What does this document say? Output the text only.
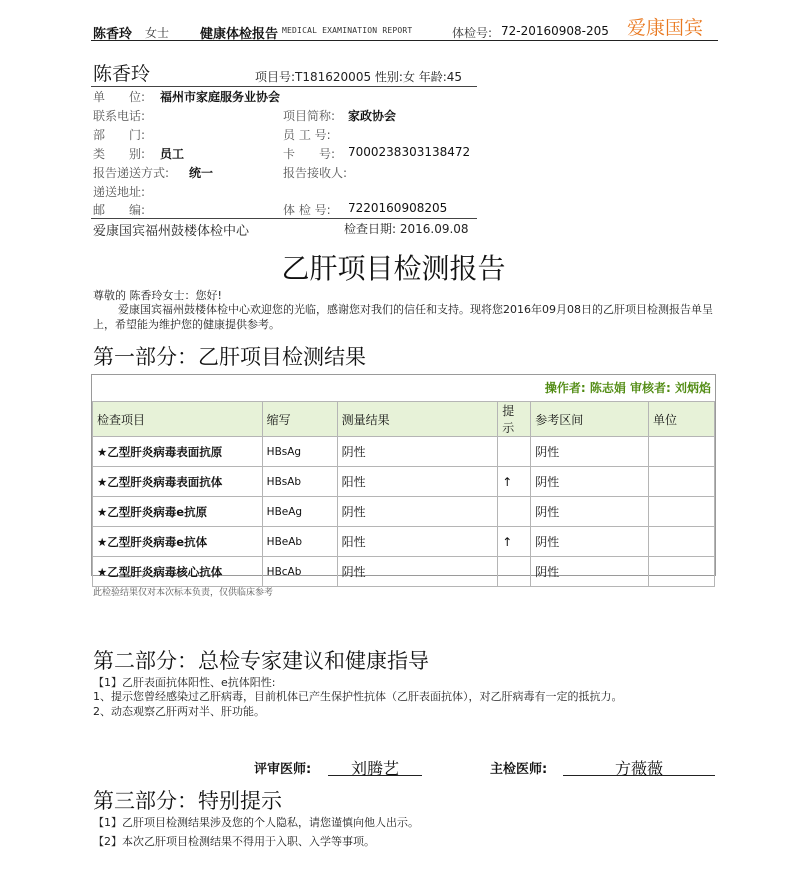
陈香玲 女士 健康体检报告 MEDICAL EXAMINATION REPORT	体检号: 72-20160908-205 爱康国宾
陈香玲	项目号:T181620005 性别:女 年龄:45
单　　位: 福州市家庭服务业协会
联系电话:	项目简称: 家政协会
部　　门:	员 工 号:
类　　别: 员工	卡　　号: 7000238303138472
报告递送方式: 统一	报告接收人:
递送地址:
邮　　编:	体 检 号: 7220160908205
爱康国宾福州鼓楼体检中心	检查日期: 2016.09.08
乙肝项目检测报告
尊敬的 陈香玲女士：您好!
爱康国宾福州鼓楼体检中心欢迎您的光临，感谢您对我们的信任和支持。现将您2016年09月08日的乙肝项目检测报告单呈上，希望能为维护您的健康提供参考。
第一部分：乙肝项目检测结果
操作者: 陈志娟 审核者: 刘炳焰
检查项目	缩写	测量结果	提示	参考区间	单位
★乙型肝炎病毒表面抗原	HBsAg	阴性		阴性	
★乙型肝炎病毒表面抗体	HBsAb	阳性	↑	阴性	
★乙型肝炎病毒e抗原	HBeAg	阴性		阴性	
★乙型肝炎病毒e抗体	HBeAb	阳性	↑	阴性	
★乙型肝炎病毒核心抗体	HBcAb	阴性		阴性	
此检验结果仅对本次标本负责，仅供临床参考
第二部分：总检专家建议和健康指导
【1】乙肝表面抗体阳性、e抗体阳性:
1、提示您曾经感染过乙肝病毒，目前机体已产生保护性抗体（乙肝表面抗体），对乙肝病毒有一定的抵抗力。
2、动态观察乙肝两对半、肝功能。
评审医师:	刘腾艺	主检医师:	方薇薇
第三部分：特别提示
【1】乙肝项目检测结果涉及您的个人隐私，请您谨慎向他人出示。
【2】本次乙肝项目检测结果不得用于入职、入学等事项。
